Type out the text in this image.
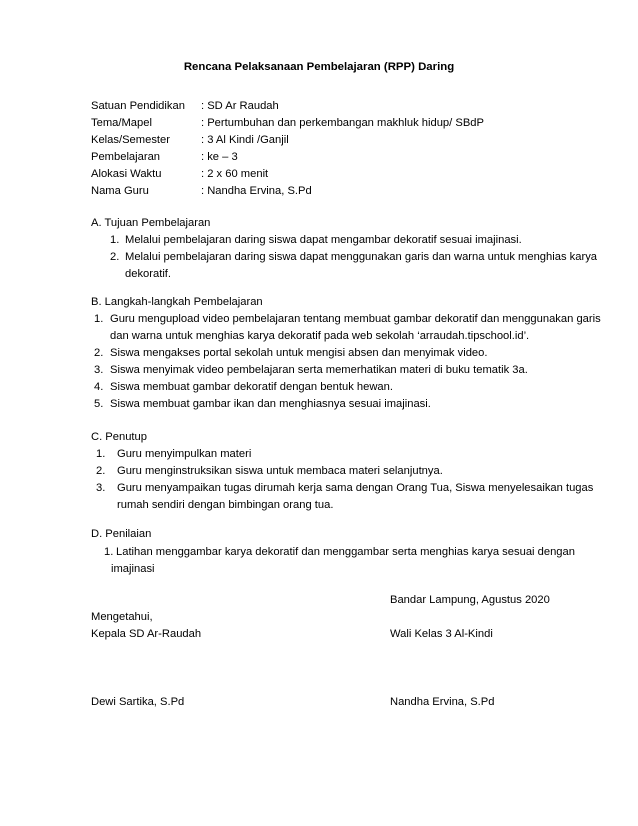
Rencana Pelaksanaan Pembelajaran (RPP) Daring
Satuan Pendidikan : SD Ar Raudah
Tema/Mapel	: Pertumbuhan dan perkembangan makhluk hidup/ SBdP
Kelas/Semester	: 3 Al Kindi /Ganjil
Pembelajaran	: ke – 3
Alokasi Waktu	: 2 x 60 menit
Nama Guru	: Nandha Ervina, S.Pd
A. Tujuan Pembelajaran
1. Melalui pembelajaran daring siswa dapat mengambar dekoratif sesuai imajinasi.
2. Melalui pembelajaran daring siswa dapat menggunakan garis dan warna untuk menghias karya
dekoratif.
B. Langkah-langkah Pembelajaran
1. Guru mengupload video pembelajaran tentang membuat gambar dekoratif dan menggunakan garis
dan warna untuk menghias karya dekoratif pada web sekolah ‘arraudah.tipschool.id’.
2. Siswa mengakses portal sekolah untuk mengisi absen dan menyimak video.
3. Siswa menyimak video pembelajaran serta memerhatikan materi di buku tematik 3a.
4. Siswa membuat gambar dekoratif dengan bentuk hewan.
5. Siswa membuat gambar ikan dan menghiasnya sesuai imajinasi.
C. Penutup
1. Guru menyimpulkan materi
2. Guru menginstruksikan siswa untuk membaca materi selanjutnya.
3. Guru menyampaikan tugas dirumah kerja sama dengan Orang Tua, Siswa menyelesaikan tugas
rumah sendiri dengan bimbingan orang tua.
D. Penilaian
1. Latihan menggambar karya dekoratif dan menggambar serta menghias karya sesuai dengan
imajinasi
Bandar Lampung, Agustus 2020
Mengetahui,
Kepala SD Ar-Raudah	Wali Kelas 3 Al-Kindi
Dewi Sartika, S.Pd	Nandha Ervina, S.Pd
